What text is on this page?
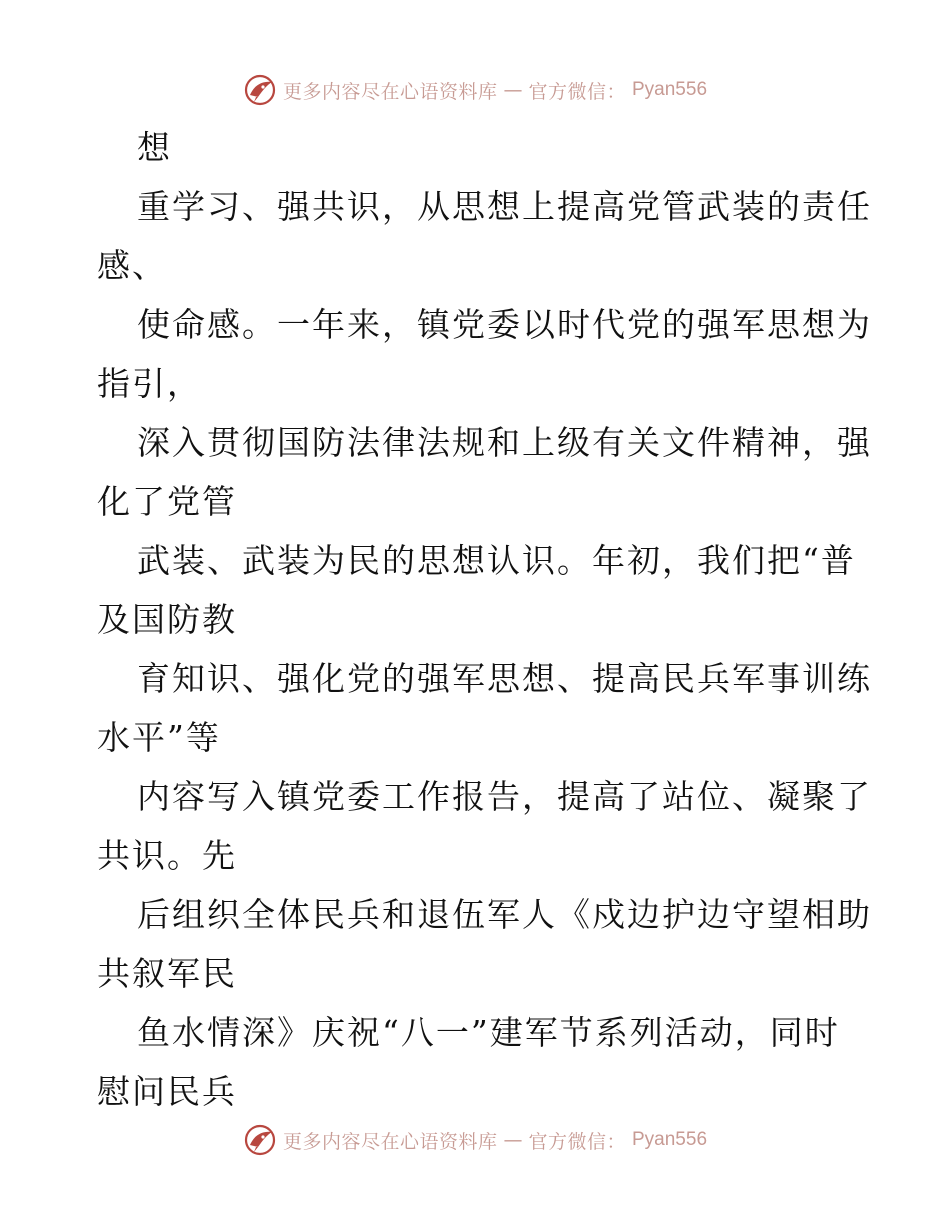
更多内容尽在心语资料库 — 官方微信： Pyan556
想
重学习、强共识，从思想上提高党管武装的责任
感、
使命感。一年来，镇党委以时代党的强军思想为
指引，
深入贯彻国防法律法规和上级有关文件精神，强
化了党管
武装、武装为民的思想认识。年初，我们把“普
及国防教
育知识、强化党的强军思想、提高民兵军事训练
水平”等
内容写入镇党委工作报告，提高了站位、凝聚了
共识。先
后组织全体民兵和退伍军人《戍边护边守望相助
共叙军民
鱼水情深》庆祝“八一”建军节系列活动，同时
慰问民兵
更多内容尽在心语资料库 — 官方微信： Pyan556
